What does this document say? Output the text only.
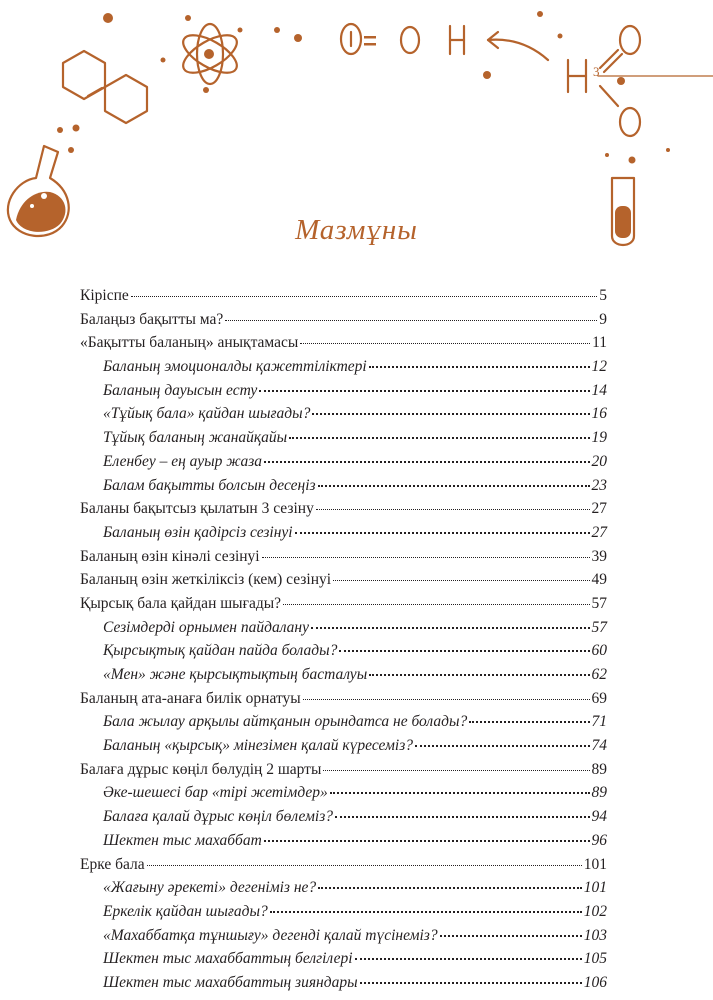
3
Мазмұны
Кіріспе	5
Балаңыз бақытты ма?	9
«Бақытты баланың» анықтамасы	11
Баланың эмоционалды қажеттіліктері	12
Баланың дауысын есту	14
«Тұйық бала» қайдан шығады?	16
Тұйық баланың жанайқайы	19
Еленбеу – ең ауыр жаза	20
Балам бақытты болсын десеңіз	23
Баланы бақытсыз қылатын 3 сезіну	27
Баланың өзін қадірсіз сезінуі	27
Баланың өзін кінәлі сезінуі	39
Баланың өзін жеткіліксіз (кем) сезінуі	49
Қырсық бала қайдан шығады?	57
Сезімдерді орнымен пайдалану	57
Қырсықтық қайдан пайда болады?	60
«Мен» және қырсықтықтың басталуы	62
Баланың ата-анаға билік орнатуы	69
Бала жылау арқылы айтқанын орындатса не болады?	71
Баланың «қырсық» мінезімен қалай күресеміз?	74
Балаға дұрыс көңіл бөлудің 2 шарты	89
Әке-шешесі бар «тірі жетімдер»	89
Балаға қалай дұрыс көңіл бөлеміз?	94
Шектен тыс махаббат	96
Ерке бала	101
«Жағыну әрекеті» дегеніміз не?	101
Еркелік қайдан шығады?	102
«Махаббатқа тұншығу» дегенді қалай түсінеміз?	103
Шектен тыс махаббаттың белгілері	105
Шектен тыс махаббаттың зияндары	106
